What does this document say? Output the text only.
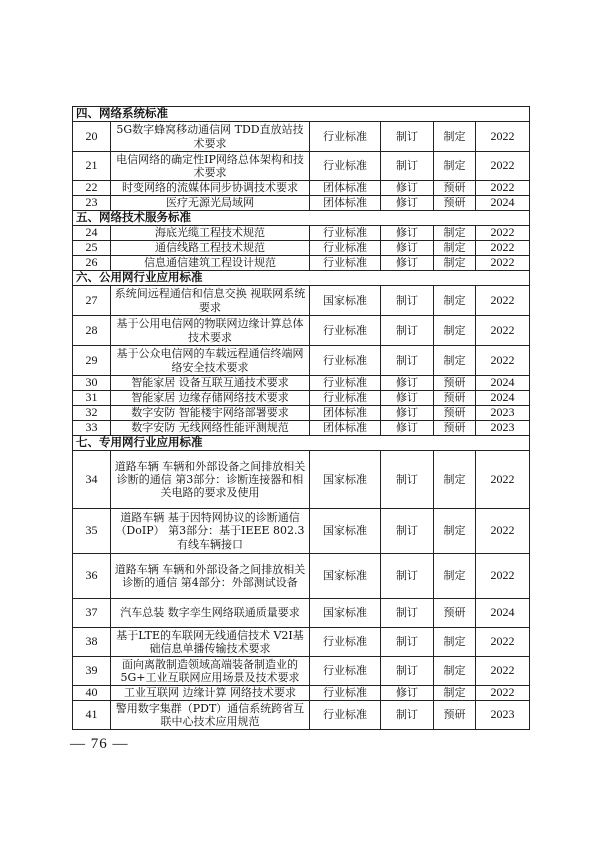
四、网络系统标准					
20	5G数字蜂窝移动通信网 TDD直放站技术要求	行业标准	制订	制定	2022
21	电信网络的确定性IP网络总体架构和技术要求	行业标准	制订	制定	2022
22	时变网络的流媒体同步协调技术要求	团体标准	修订	预研	2022
23	医疗无源光局域网	团体标准	修订	预研	2024
五、网络技术服务标准					
24	海底光缆工程技术规范	行业标准	修订	制定	2022
25	通信线路工程技术规范	行业标准	修订	制定	2022
26	信息通信建筑工程设计规范	行业标准	修订	制定	2022
六、公用网行业应用标准					
27	系统间远程通信和信息交换 视联网系统要求	国家标准	制订	制定	2022
28	基于公用电信网的物联网边缘计算总体技术要求	行业标准	制订	制定	2022
29	基于公众电信网的车载远程通信终端网络安全技术要求	行业标准	制订	制定	2022
30	智能家居 设备互联互通技术要求	行业标准	修订	预研	2024
31	智能家居 边缘存储网络技术要求	行业标准	修订	预研	2024
32	数字安防 智能楼宇网络部署要求	团体标准	修订	预研	2023
33	数字安防 无线网络性能评测规范	团体标准	修订	预研	2023
七、专用网行业应用标准					
34	道路车辆 车辆和外部设备之间排放相关诊断的通信 第3部分：诊断连接器和相关电路的要求及使用	国家标准	制订	制定	2022
35	道路车辆 基于因特网协议的诊断通信（DoIP） 第3部分：基于IEEE 802.3有线车辆接口	国家标准	制订	制定	2022
36	道路车辆 车辆和外部设备之间排放相关诊断的通信 第4部分：外部测试设备	国家标准	制订	制定	2022
37	汽车总装 数字孪生网络联通质量要求	国家标准	制订	预研	2024
38	基于LTE的车联网无线通信技术 V2I基础信息单播传输技术要求	行业标准	制订	制定	2022
39	面向离散制造领域高端装备制造业的5G+工业互联网应用场景及技术要求	行业标准	制订	制定	2022
40	工业互联网 边缘计算 网络技术要求	行业标准	修订	制定	2022
41	警用数字集群（PDT）通信系统跨省互联中心技术应用规范	行业标准	制订	预研	2023
— 76 —
